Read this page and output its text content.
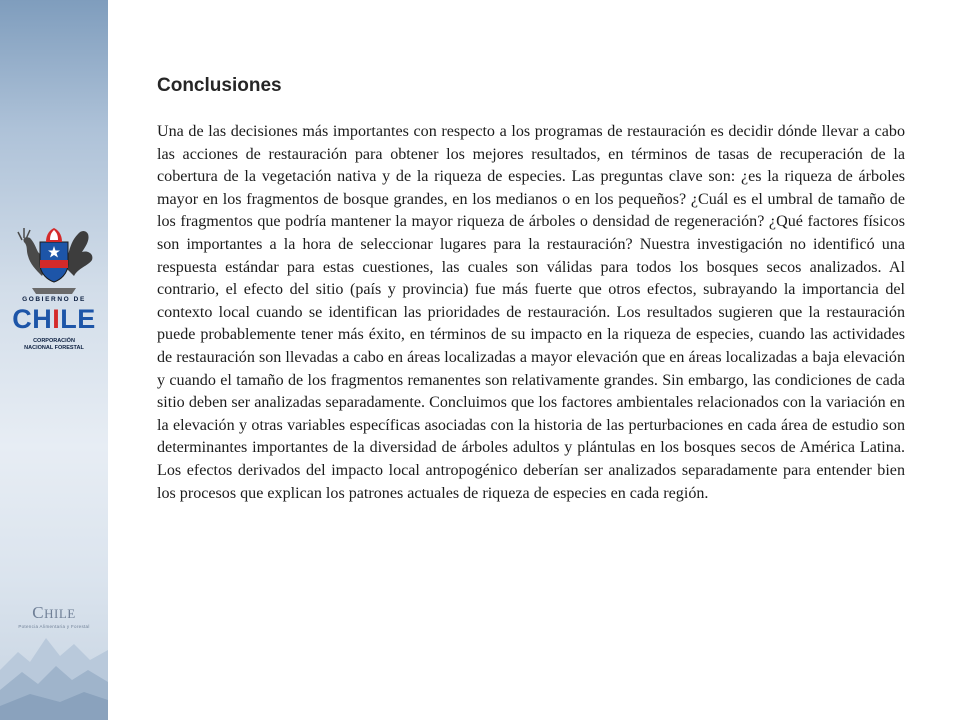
GOBIERNO DE
CHILE
CORPORACIÓN
NACIONAL FORESTAL
CHILE
Potencia Alimentaria y Forestal
Conclusiones

Una de las decisiones más importantes con respecto a los programas de restauración es decidir dónde llevar a cabo las acciones de restauración para obtener los mejores resultados, en términos de tasas de recuperación de la cobertura de la vegetación nativa y de la riqueza de especies. Las preguntas clave son: ¿es la riqueza de árboles mayor en los fragmentos de bosque grandes, en los medianos o en los pequeños? ¿Cuál es el umbral de tamaño de los fragmentos que podría mantener la mayor riqueza de árboles o densidad de regeneración? ¿Qué factores físicos son importantes a la hora de seleccionar lugares para la restauración? Nuestra investigación no identificó una respuesta estándar para estas cuestiones, las cuales son válidas para todos los bosques secos analizados. Al contrario, el efecto del sitio (país y provincia) fue más fuerte que otros efectos, subrayando la importancia del contexto local cuando se identifican las prioridades de restauración. Los resultados sugieren que la restauración puede probablemente tener más éxito, en términos de su impacto en la riqueza de especies, cuando las actividades de restauración son llevadas a cabo en áreas localizadas a mayor elevación que en áreas localizadas a baja elevación y cuando el tamaño de los fragmentos remanentes son relativamente grandes. Sin embargo, las condiciones de cada sitio deben ser analizadas separadamente. Concluimos que los factores ambientales relacionados con la variación en la elevación y otras variables específicas asociadas con la historia de las perturbaciones en cada área de estudio son determinantes importantes de la diversidad de árboles adultos y plántulas en los bosques secos de América Latina. Los efectos derivados del impacto local antropogénico deberían ser analizados separadamente para entender bien los procesos que explican los patrones actuales de riqueza de especies en cada región.
